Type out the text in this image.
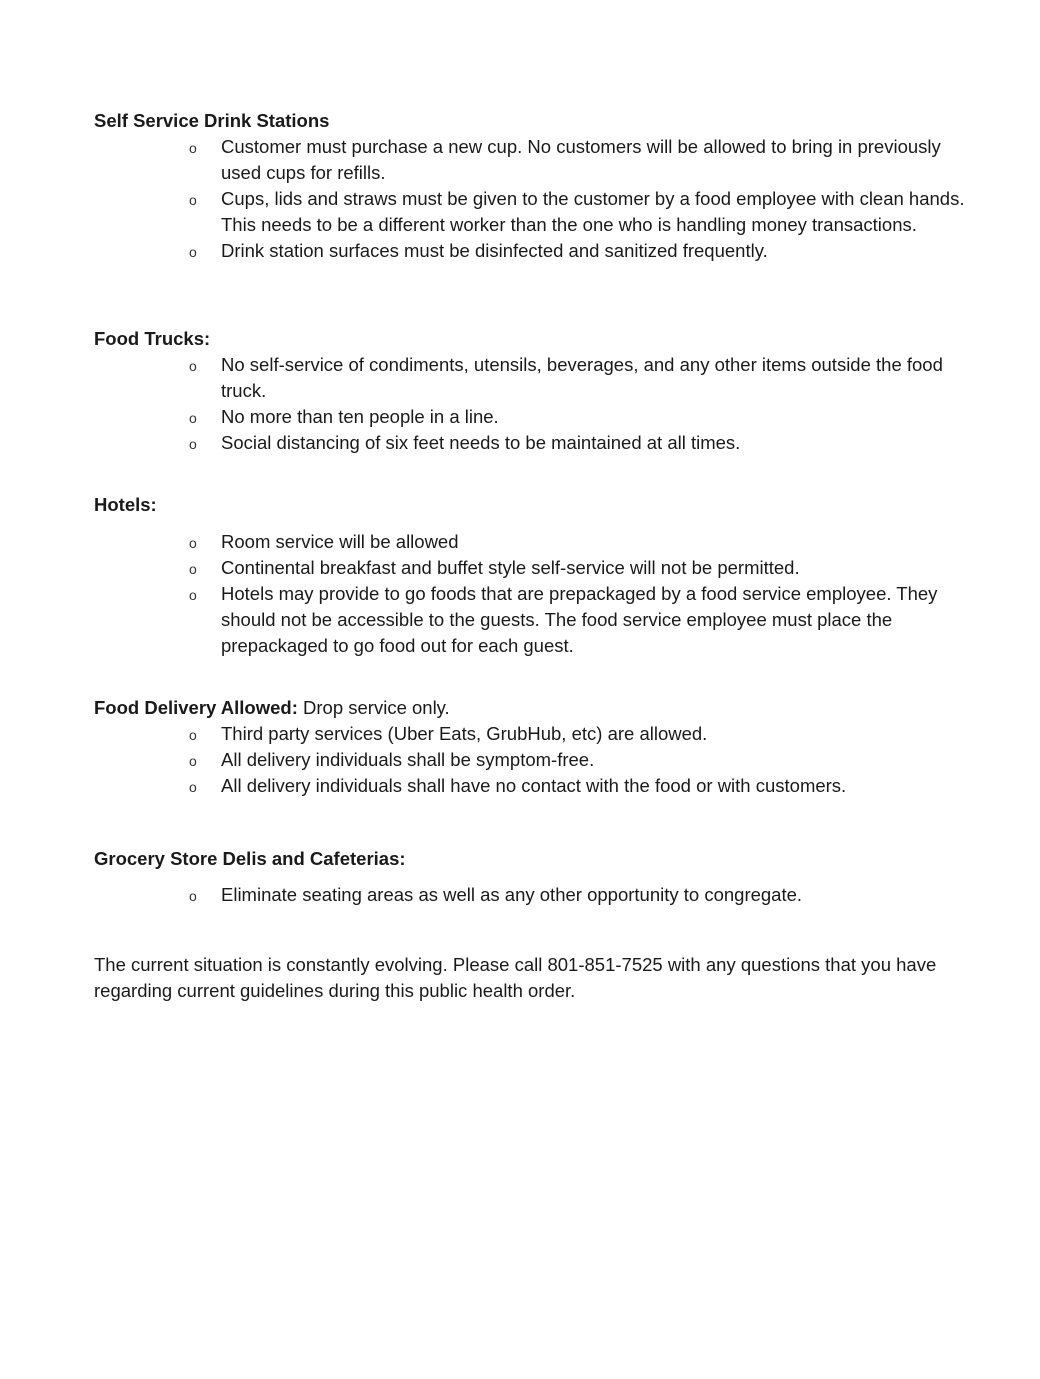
Self Service Drink Stations
o Customer must purchase a new cup. No customers will be allowed to bring in previously used cups for refills.
o Cups, lids and straws must be given to the customer by a food employee with clean hands. This needs to be a different worker than the one who is handling money transactions.
o Drink station surfaces must be disinfected and sanitized frequently.
Food Trucks:
o No self-service of condiments, utensils, beverages, and any other items outside the food truck.
o No more than ten people in a line.
o Social distancing of six feet needs to be maintained at all times.
Hotels:
o Room service will be allowed
o Continental breakfast and buffet style self-service will not be permitted.
o Hotels may provide to go foods that are prepackaged by a food service employee. They should not be accessible to the guests. The food service employee must place the prepackaged to go food out for each guest.
Food Delivery Allowed: Drop service only.
o Third party services (Uber Eats, GrubHub, etc) are allowed.
o All delivery individuals shall be symptom-free.
o All delivery individuals shall have no contact with the food or with customers.
Grocery Store Delis and Cafeterias:
o Eliminate seating areas as well as any other opportunity to congregate.
The current situation is constantly evolving. Please call 801-851-7525 with any questions that you have regarding current guidelines during this public health order.
